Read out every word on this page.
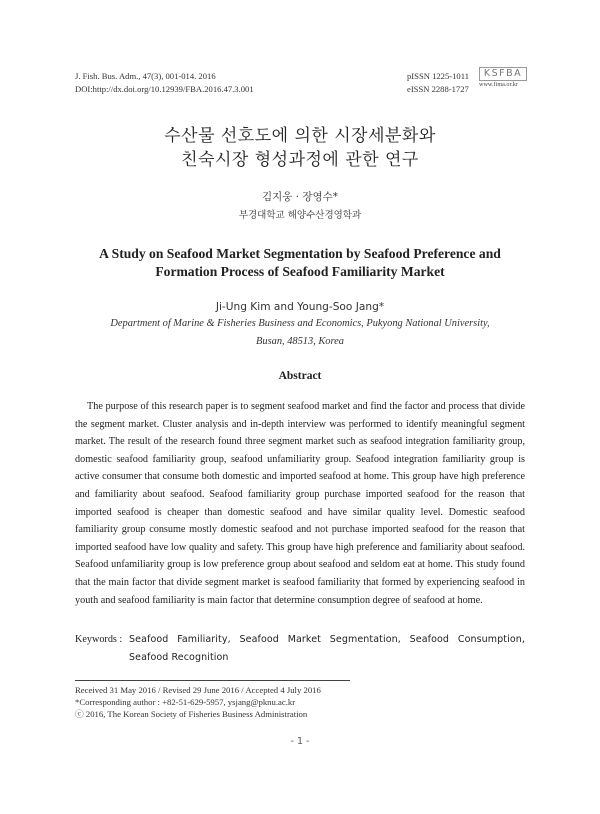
J. Fish. Bus. Adm., 47(3), 001-014. 2016
DOI:http://dx.doi.org/10.12939/FBA.2016.47.3.001
pISSN 1225-1011
eISSN 2288-1727
KSFBA
www.fima.or.kr
수산물 선호도에 의한 시장세분화와
친숙시장 형성과정에 관한 연구
김지웅 · 장영수*
부경대학교 해양수산경영학과
A Study on Seafood Market Segmentation by Seafood Preference and
Formation Process of Seafood Familiarity Market
Ji-Ung Kim and Young-Soo Jang*
Department of Marine & Fisheries Business and Economics, Pukyong National University,
Busan, 48513, Korea
Abstract
The purpose of this research paper is to segment seafood market and find the factor and process that divide the segment market. Cluster analysis and in-depth interview was performed to identify meaningful segment market. The result of the research found three segment market such as seafood integration familiarity group, domestic seafood familiarity group, seafood unfamiliarity group. Seafood integration familiarity group is active consumer that consume both domestic and imported seafood at home. This group have high preference and familiarity about seafood. Seafood familiarity group purchase imported seafood for the reason that imported seafood is cheaper than domestic seafood and have similar quality level. Domestic seafood familiarity group consume mostly domestic seafood and not purchase imported seafood for the reason that imported seafood have low quality and safety. This group have high preference and familiarity about seafood. Seafood unfamiliarity group is low preference group about seafood and seldom eat at home. This study found that the main factor that divide segment market is seafood familiarity that formed by experiencing seafood in youth and seafood familiarity is main factor that determine consumption degree of seafood at home.
Keywords : Seafood Familiarity, Seafood Market Segmentation, Seafood Consumption, Seafood Recognition
Received 31 May 2016 / Revised 29 June 2016 / Accepted 4 July 2016
*Corresponding author : +82-51-629-5957, ysjang@pknu.ac.kr
ⓒ 2016, The Korean Society of Fisheries Business Administration
- 1 -
